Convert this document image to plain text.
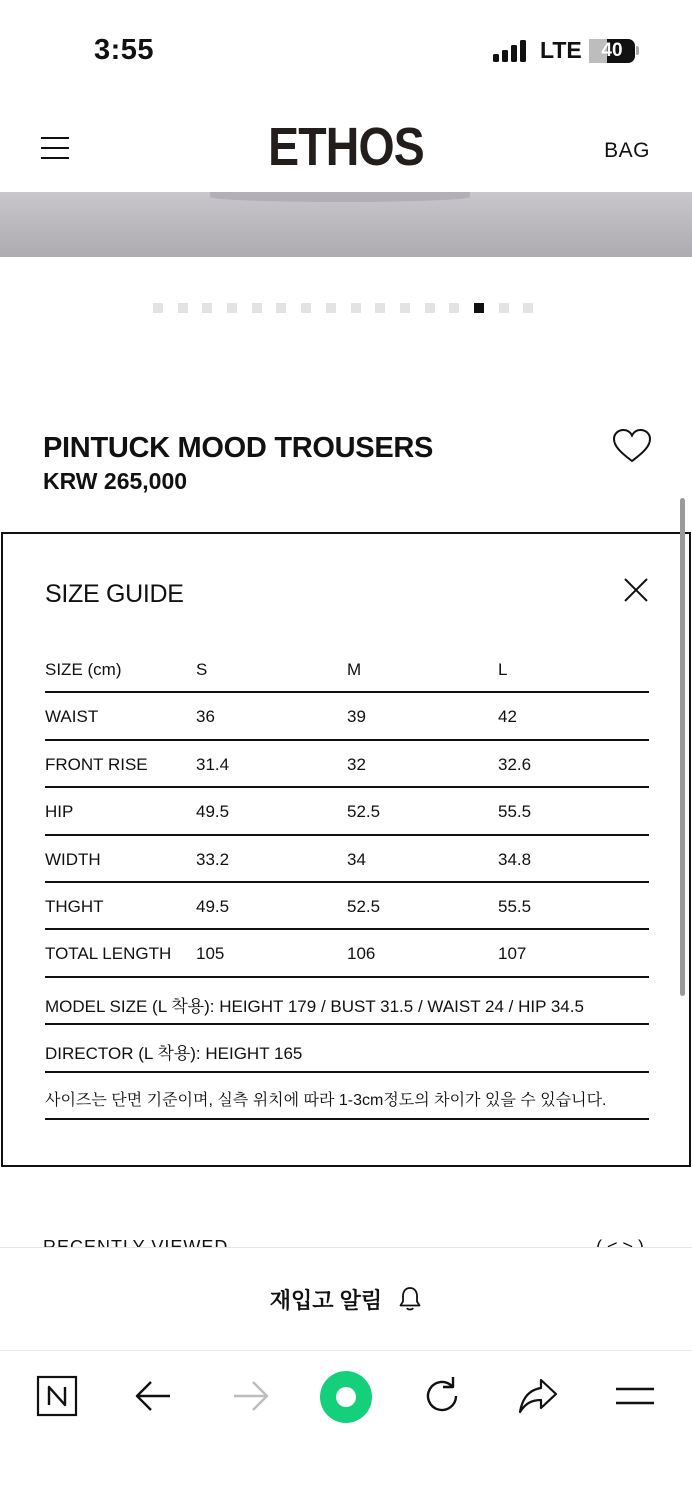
3:55	LTE	40
ETHOS	BAG
PINTUCK MOOD TROUSERS
KRW 265,000
SIZE GUIDE
SIZE (cm)	S	M	L
WAIST	36	39	42
FRONT RISE	31.4	32	32.6
HIP	49.5	52.5	55.5
WIDTH	33.2	34	34.8
THGHT	49.5	52.5	55.5
TOTAL LENGTH 105	106	107
MODEL SIZE (L 착용): HEIGHT 179 / BUST 31.5 / WAIST 24 / HIP 34.5
DIRECTOR (L 착용): HEIGHT 165
사이즈는 단면 기준이며, 실측 위치에 따라 1-3cm정도의 차이가 있을 수 있습니다.
재입고 알림
